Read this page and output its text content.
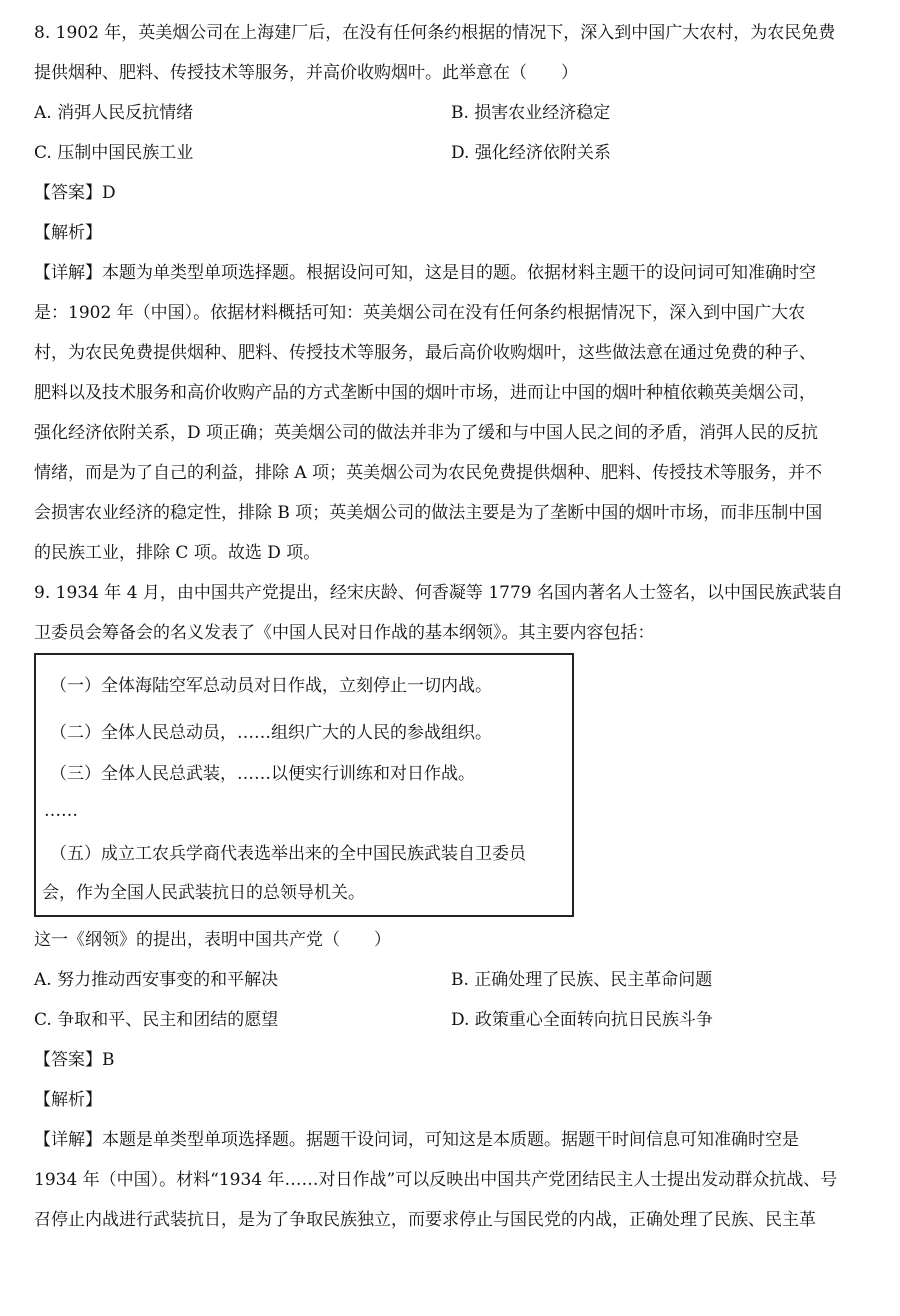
8. 1902 年，英美烟公司在上海建厂后，在没有任何条约根据的情况下，深入到中国广大农村，为农民免费
提供烟种、肥料、传授技术等服务，并高价收购烟叶。此举意在（　　）
A. 消弭人民反抗情绪	B. 损害农业经济稳定
C. 压制中国民族工业	D. 强化经济依附关系
【答案】D
【解析】
【详解】本题为单类型单项选择题。根据设问可知，这是目的题。依据材料主题干的设问词可知准确时空
是：1902 年（中国）。依据材料概括可知：英美烟公司在没有任何条约根据情况下，深入到中国广大农
村，为农民免费提供烟种、肥料、传授技术等服务，最后高价收购烟叶，这些做法意在通过免费的种子、
肥料以及技术服务和高价收购产品的方式垄断中国的烟叶市场，进而让中国的烟叶种植依赖英美烟公司，
强化经济依附关系，D 项正确；英美烟公司的做法并非为了缓和与中国人民之间的矛盾，消弭人民的反抗
情绪，而是为了自己的利益，排除 A 项；英美烟公司为农民免费提供烟种、肥料、传授技术等服务，并不
会损害农业经济的稳定性，排除 B 项；英美烟公司的做法主要是为了垄断中国的烟叶市场，而非压制中国
的民族工业，排除 C 项。故选 D 项。
9. 1934 年 4 月，由中国共产党提出，经宋庆龄、何香凝等 1779 名国内著名人士签名，以中国民族武装自
卫委员会筹备会的名义发表了《中国人民对日作战的基本纲领》。其主要内容包括：
（一）全体海陆空军总动员对日作战，立刻停止一切内战。
（二）全体人民总动员，……组织广大的人民的参战组织。
（三）全体人民总武装，……以便实行训练和对日作战。
……
（五）成立工农兵学商代表选举出来的全中国民族武装自卫委员
会，作为全国人民武装抗日的总领导机关。
这一《纲领》的提出，表明中国共产党（　　）
A. 努力推动西安事变的和平解决	B. 正确处理了民族、民主革命问题
C. 争取和平、民主和团结的愿望	D. 政策重心全面转向抗日民族斗争
【答案】B
【解析】
【详解】本题是单类型单项选择题。据题干设问词，可知这是本质题。据题干时间信息可知准确时空是
1934 年（中国）。材料“1934 年……对日作战”可以反映出中国共产党团结民主人士提出发动群众抗战、号
召停止内战进行武装抗日，是为了争取民族独立，而要求停止与国民党的内战，正确处理了民族、民主革
